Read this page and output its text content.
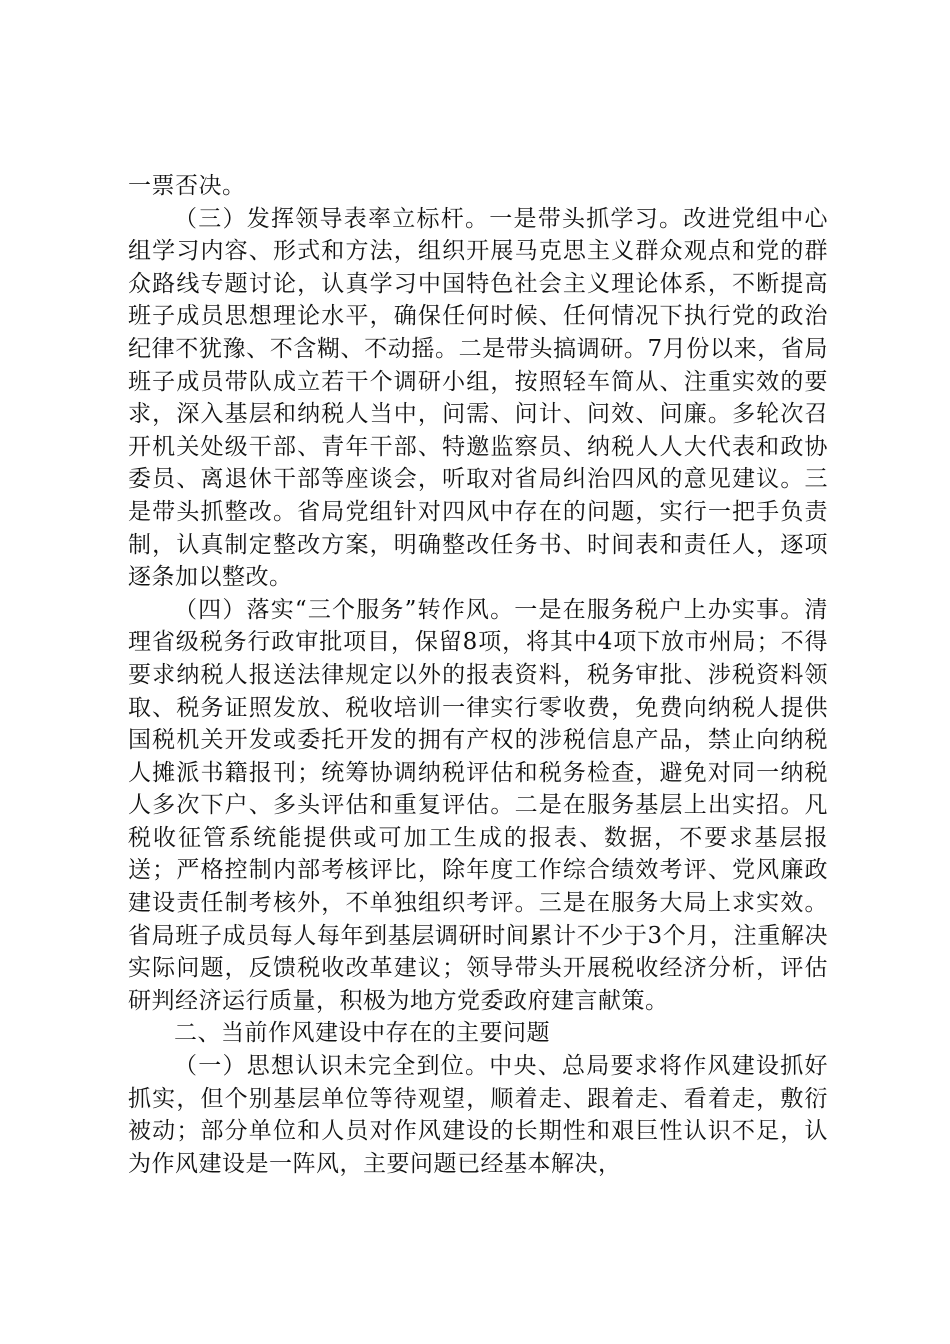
一票否决。

（三）发挥领导表率立标杆。一是带头抓学习。改进党组中心组学习内容、形式和方法，组织开展马克思主义群众观点和党的群众路线专题讨论，认真学习中国特色社会主义理论体系，不断提高班子成员思想理论水平，确保任何时候、任何情况下执行党的政治纪律不犹豫、不含糊、不动摇。二是带头搞调研。7月份以来，省局班子成员带队成立若干个调研小组，按照轻车简从、注重实效的要求，深入基层和纳税人当中，问需、问计、问效、问廉。多轮次召开机关处级干部、青年干部、特邀监察员、纳税人人大代表和政协委员、离退休干部等座谈会，听取对省局纠治四风的意见建议。三是带头抓整改。省局党组针对四风中存在的问题，实行一把手负责制，认真制定整改方案，明确整改任务书、时间表和责任人，逐项逐条加以整改。

（四）落实“三个服务”转作风。一是在服务税户上办实事。清理省级税务行政审批项目，保留8项，将其中4项下放市州局；不得要求纳税人报送法律规定以外的报表资料，税务审批、涉税资料领取、税务证照发放、税收培训一律实行零收费，免费向纳税人提供国税机关开发或委托开发的拥有产权的涉税信息产品，禁止向纳税人摊派书籍报刊；统筹协调纳税评估和税务检查，避免对同一纳税人多次下户、多头评估和重复评估。二是在服务基层上出实招。凡税收征管系统能提供或可加工生成的报表、数据，不要求基层报送；严格控制内部考核评比，除年度工作综合绩效考评、党风廉政建设责任制考核外，不单独组织考评。三是在服务大局上求实效。省局班子成员每人每年到基层调研时间累计不少于3个月，注重解决实际问题，反馈税收改革建议；领导带头开展税收经济分析，评估研判经济运行质量，积极为地方党委政府建言献策。

二、当前作风建设中存在的主要问题

（一）思想认识未完全到位。中央、总局要求将作风建设抓好抓实，但个别基层单位等待观望，顺着走、跟着走、看着走，敷衍被动；部分单位和人员对作风建设的长期性和艰巨性认识不足，认为作风建设是一阵风，主要问题已经基本解决，
